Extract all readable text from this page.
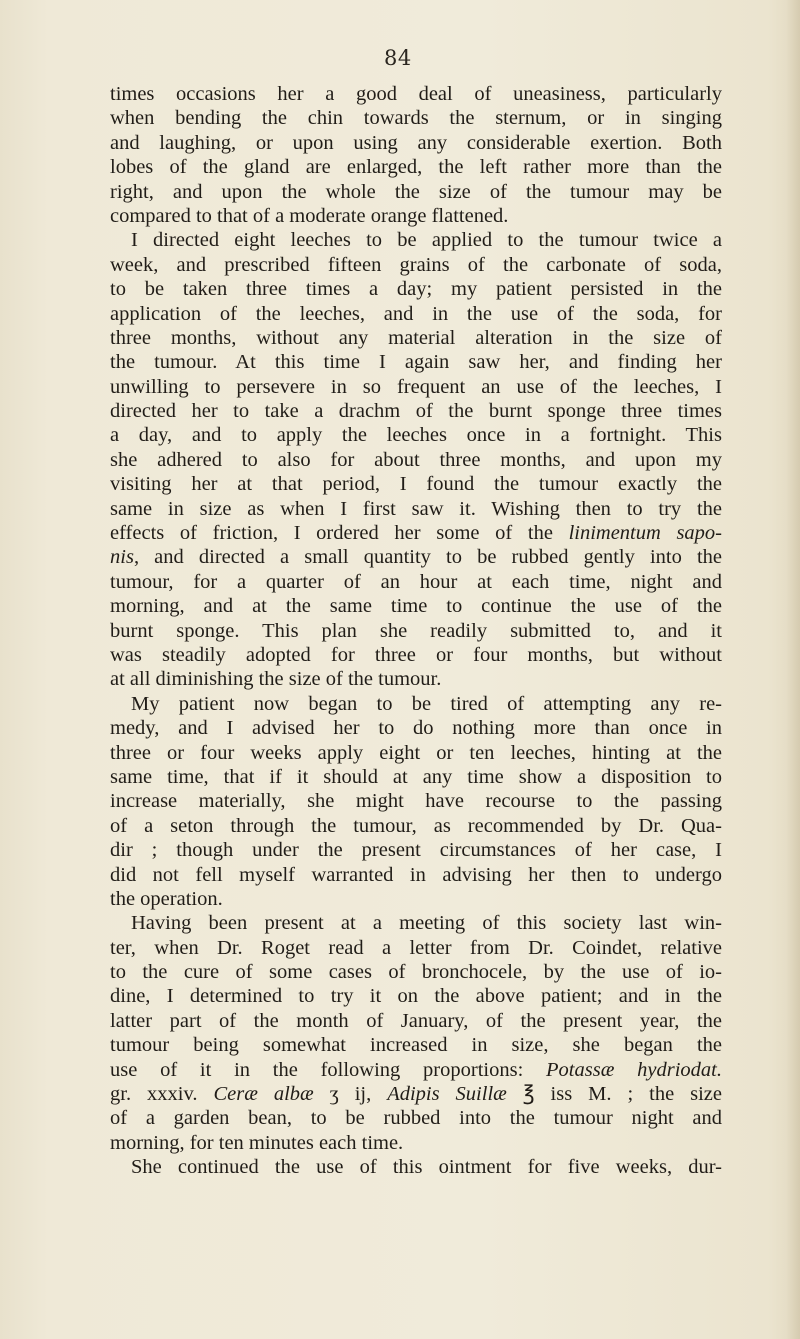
84
times occasions her a good deal of uneasiness, particularly
when bending the chin towards the sternum, or in singing
and laughing, or upon using any considerable exertion. Both
lobes of the gland are enlarged, the left rather more than the
right, and upon the whole the size of the tumour may be
compared to that of a moderate orange flattened.
I directed eight leeches to be applied to the tumour twice a
week, and prescribed fifteen grains of the carbonate of soda,
to be taken three times a day; my patient persisted in the
application of the leeches, and in the use of the soda, for
three months, without any material alteration in the size of
the tumour. At this time I again saw her, and finding her
unwilling to persevere in so frequent an use of the leeches, I
directed her to take a drachm of the burnt sponge three times
a day, and to apply the leeches once in a fortnight. This
she adhered to also for about three months, and upon my
visiting her at that period, I found the tumour exactly the
same in size as when I first saw it. Wishing then to try the
effects of friction, I ordered her some of the linimentum sapo-
nis, and directed a small quantity to be rubbed gently into the
tumour, for a quarter of an hour at each time, night and
morning, and at the same time to continue the use of the
burnt sponge. This plan she readily submitted to, and it
was steadily adopted for three or four months, but without
at all diminishing the size of the tumour.
My patient now began to be tired of attempting any re-
medy, and I advised her to do nothing more than once in
three or four weeks apply eight or ten leeches, hinting at the
same time, that if it should at any time show a disposition to
increase materially, she might have recourse to the passing
of a seton through the tumour, as recommended by Dr. Qua-
dir ; though under the present circumstances of her case, I
did not fell myself warranted in advising her then to undergo
the operation.
Having been present at a meeting of this society last win-
ter, when Dr. Roget read a letter from Dr. Coindet, relative
to the cure of some cases of bronchocele, by the use of io-
dine, I determined to try it on the above patient; and in the
latter part of the month of January, of the present year, the
tumour being somewhat increased in size, she began the
use of it in the following proportions: Potassæ hydriodat.
gr. xxxiv. Ceræ albæ ʒ ij, Adipis Suillæ ℥ iss M. ; the size
of a garden bean, to be rubbed into the tumour night and
morning, for ten minutes each time.
She continued the use of this ointment for five weeks, dur-
